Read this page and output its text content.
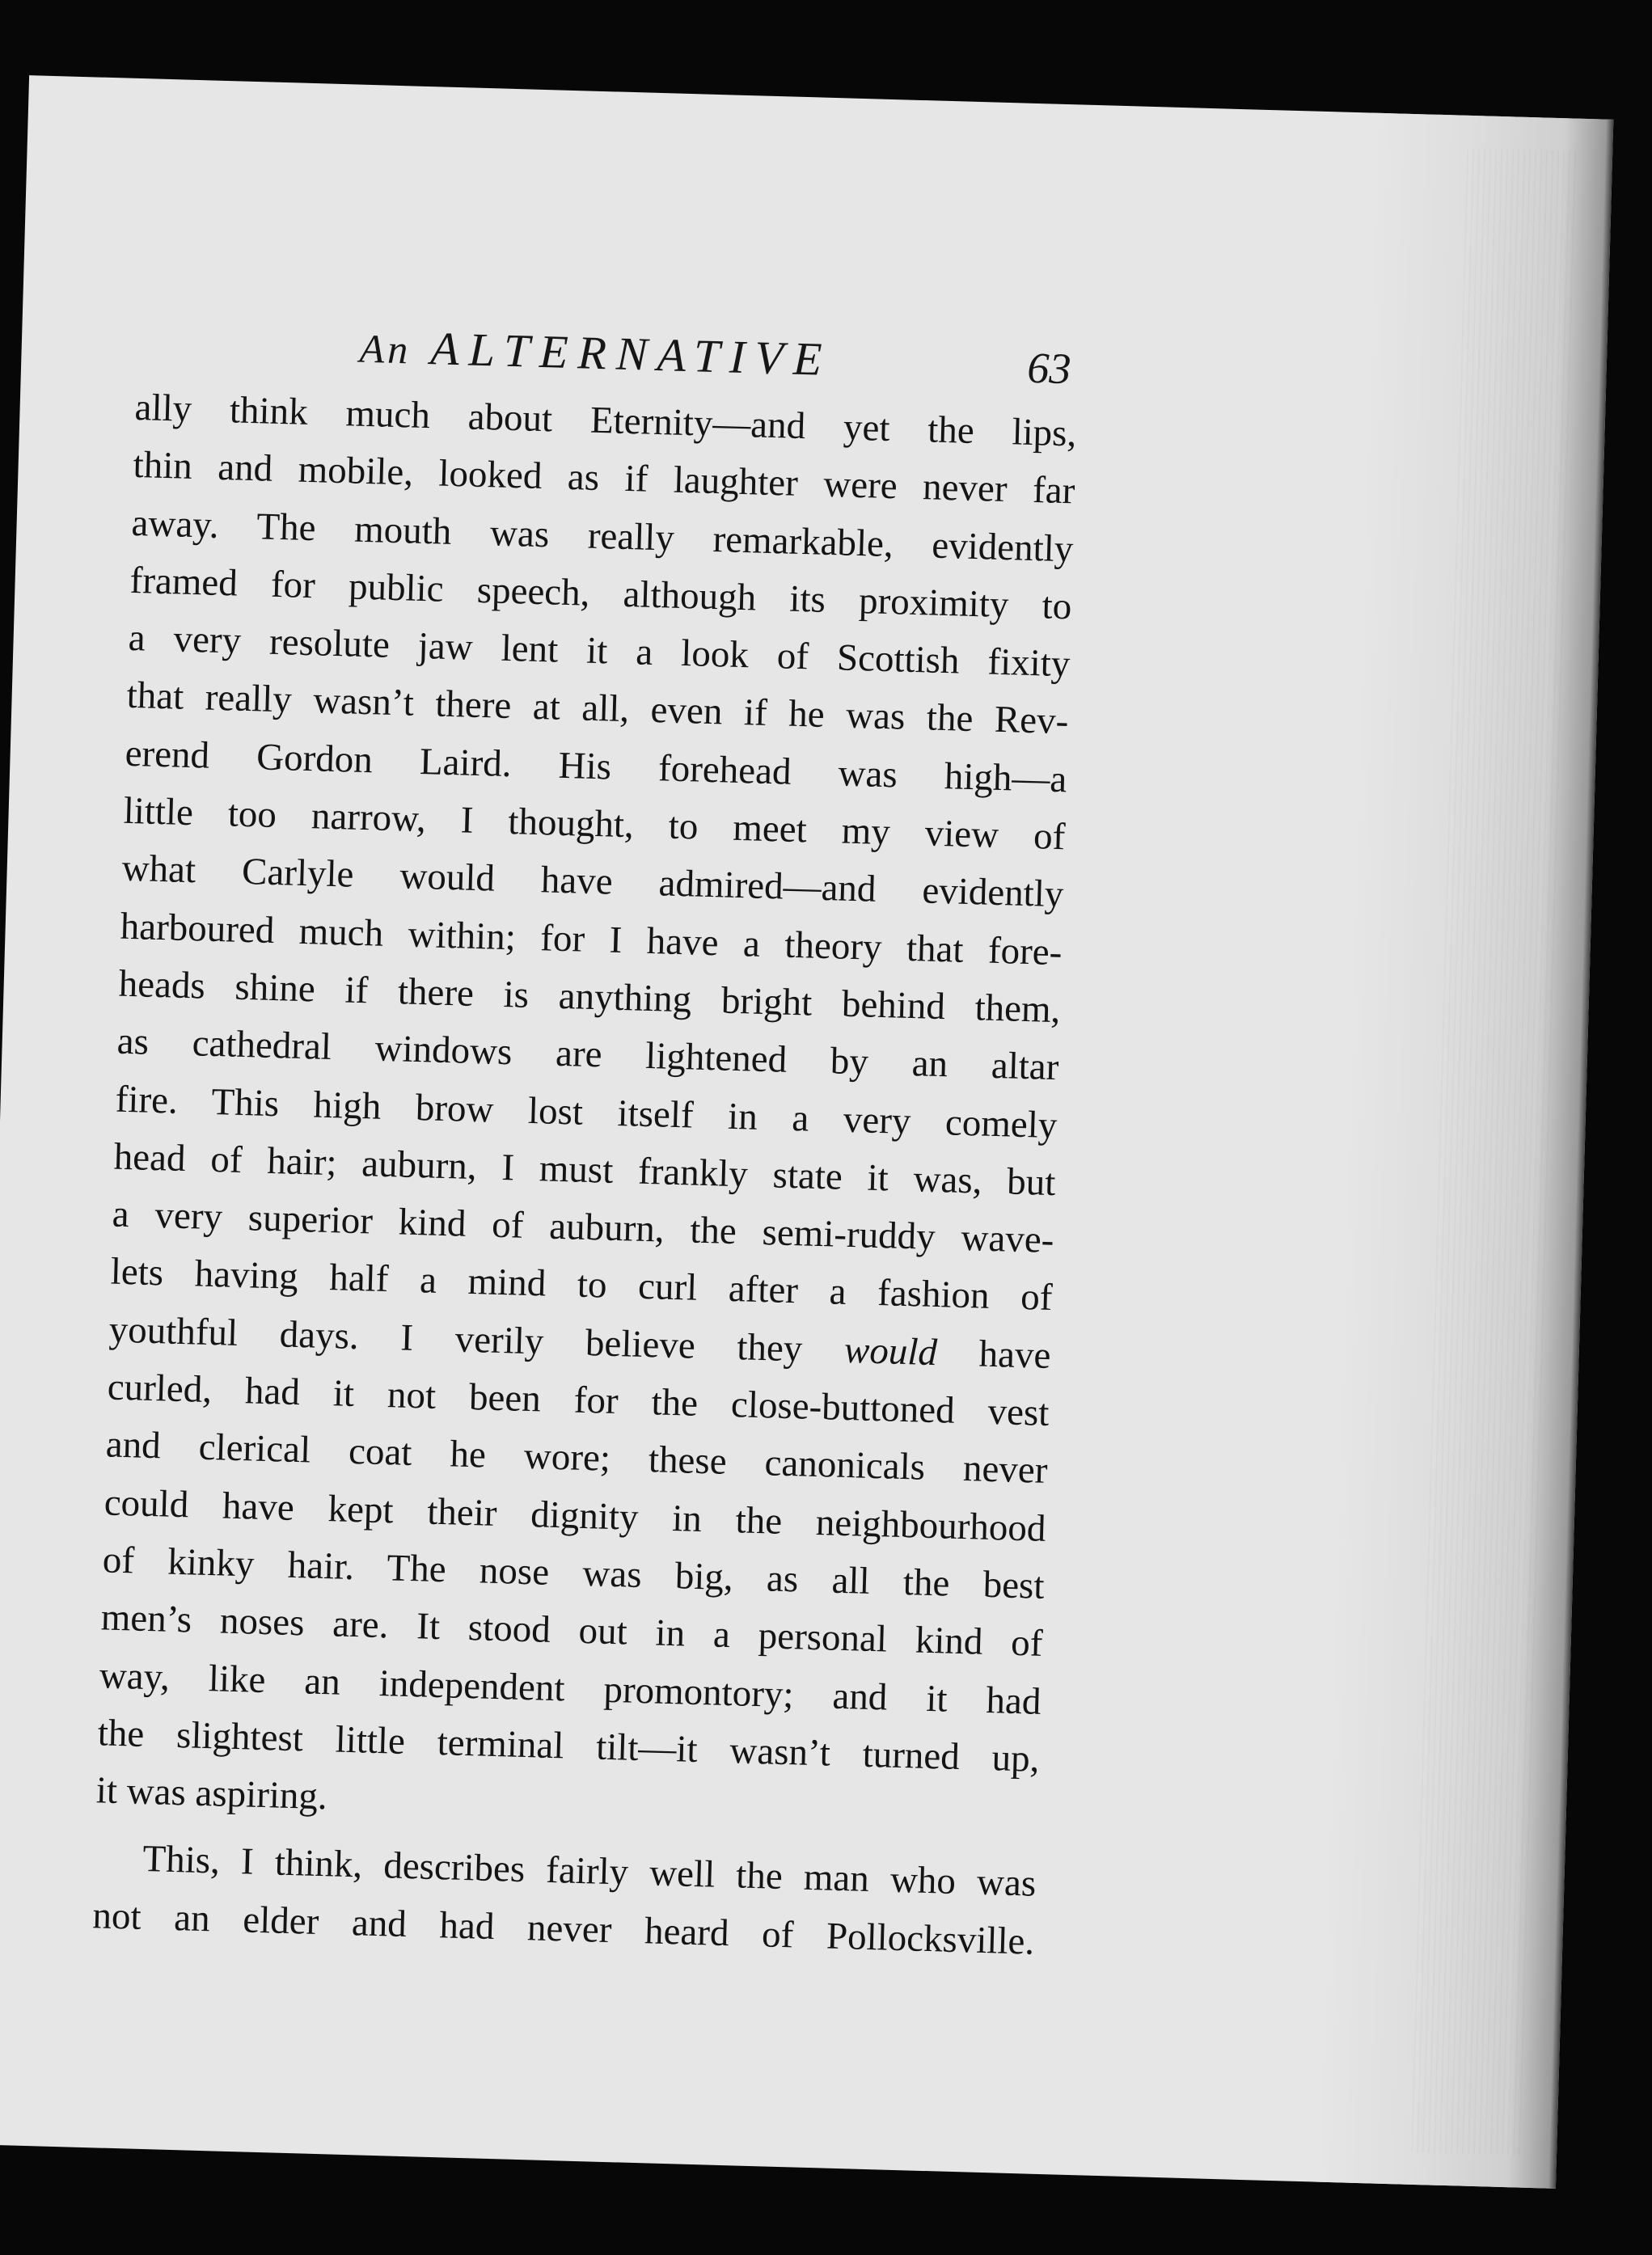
An ALTERNATIVE	63
ally think much about Eternity—and yet the lips,
thin and mobile, looked as if laughter were never far
away. The mouth was really remarkable, evidently
framed for public speech, although its proximity to
a very resolute jaw lent it a look of Scottish fixity
that really wasn’t there at all, even if he was the Rev-
erend Gordon Laird. His forehead was high—a
little too narrow, I thought, to meet my view of
what Carlyle would have admired—and evidently
harboured much within; for I have a theory that fore-
heads shine if there is anything bright behind them,
as cathedral windows are lightened by an altar
fire. This high brow lost itself in a very comely
head of hair; auburn, I must frankly state it was, but
a very superior kind of auburn, the semi-ruddy wave-
lets having half a mind to curl after a fashion of
youthful days. I verily believe they would have
curled, had it not been for the close-buttoned vest
and clerical coat he wore; these canonicals never
could have kept their dignity in the neighbourhood
of kinky hair. The nose was big, as all the best
men’s noses are. It stood out in a personal kind of
way, like an independent promontory; and it had
the slightest little terminal tilt—it wasn’t turned up,
it was aspiring.
This, I think, describes fairly well the man who was
not an elder and had never heard of Pollocksville.
